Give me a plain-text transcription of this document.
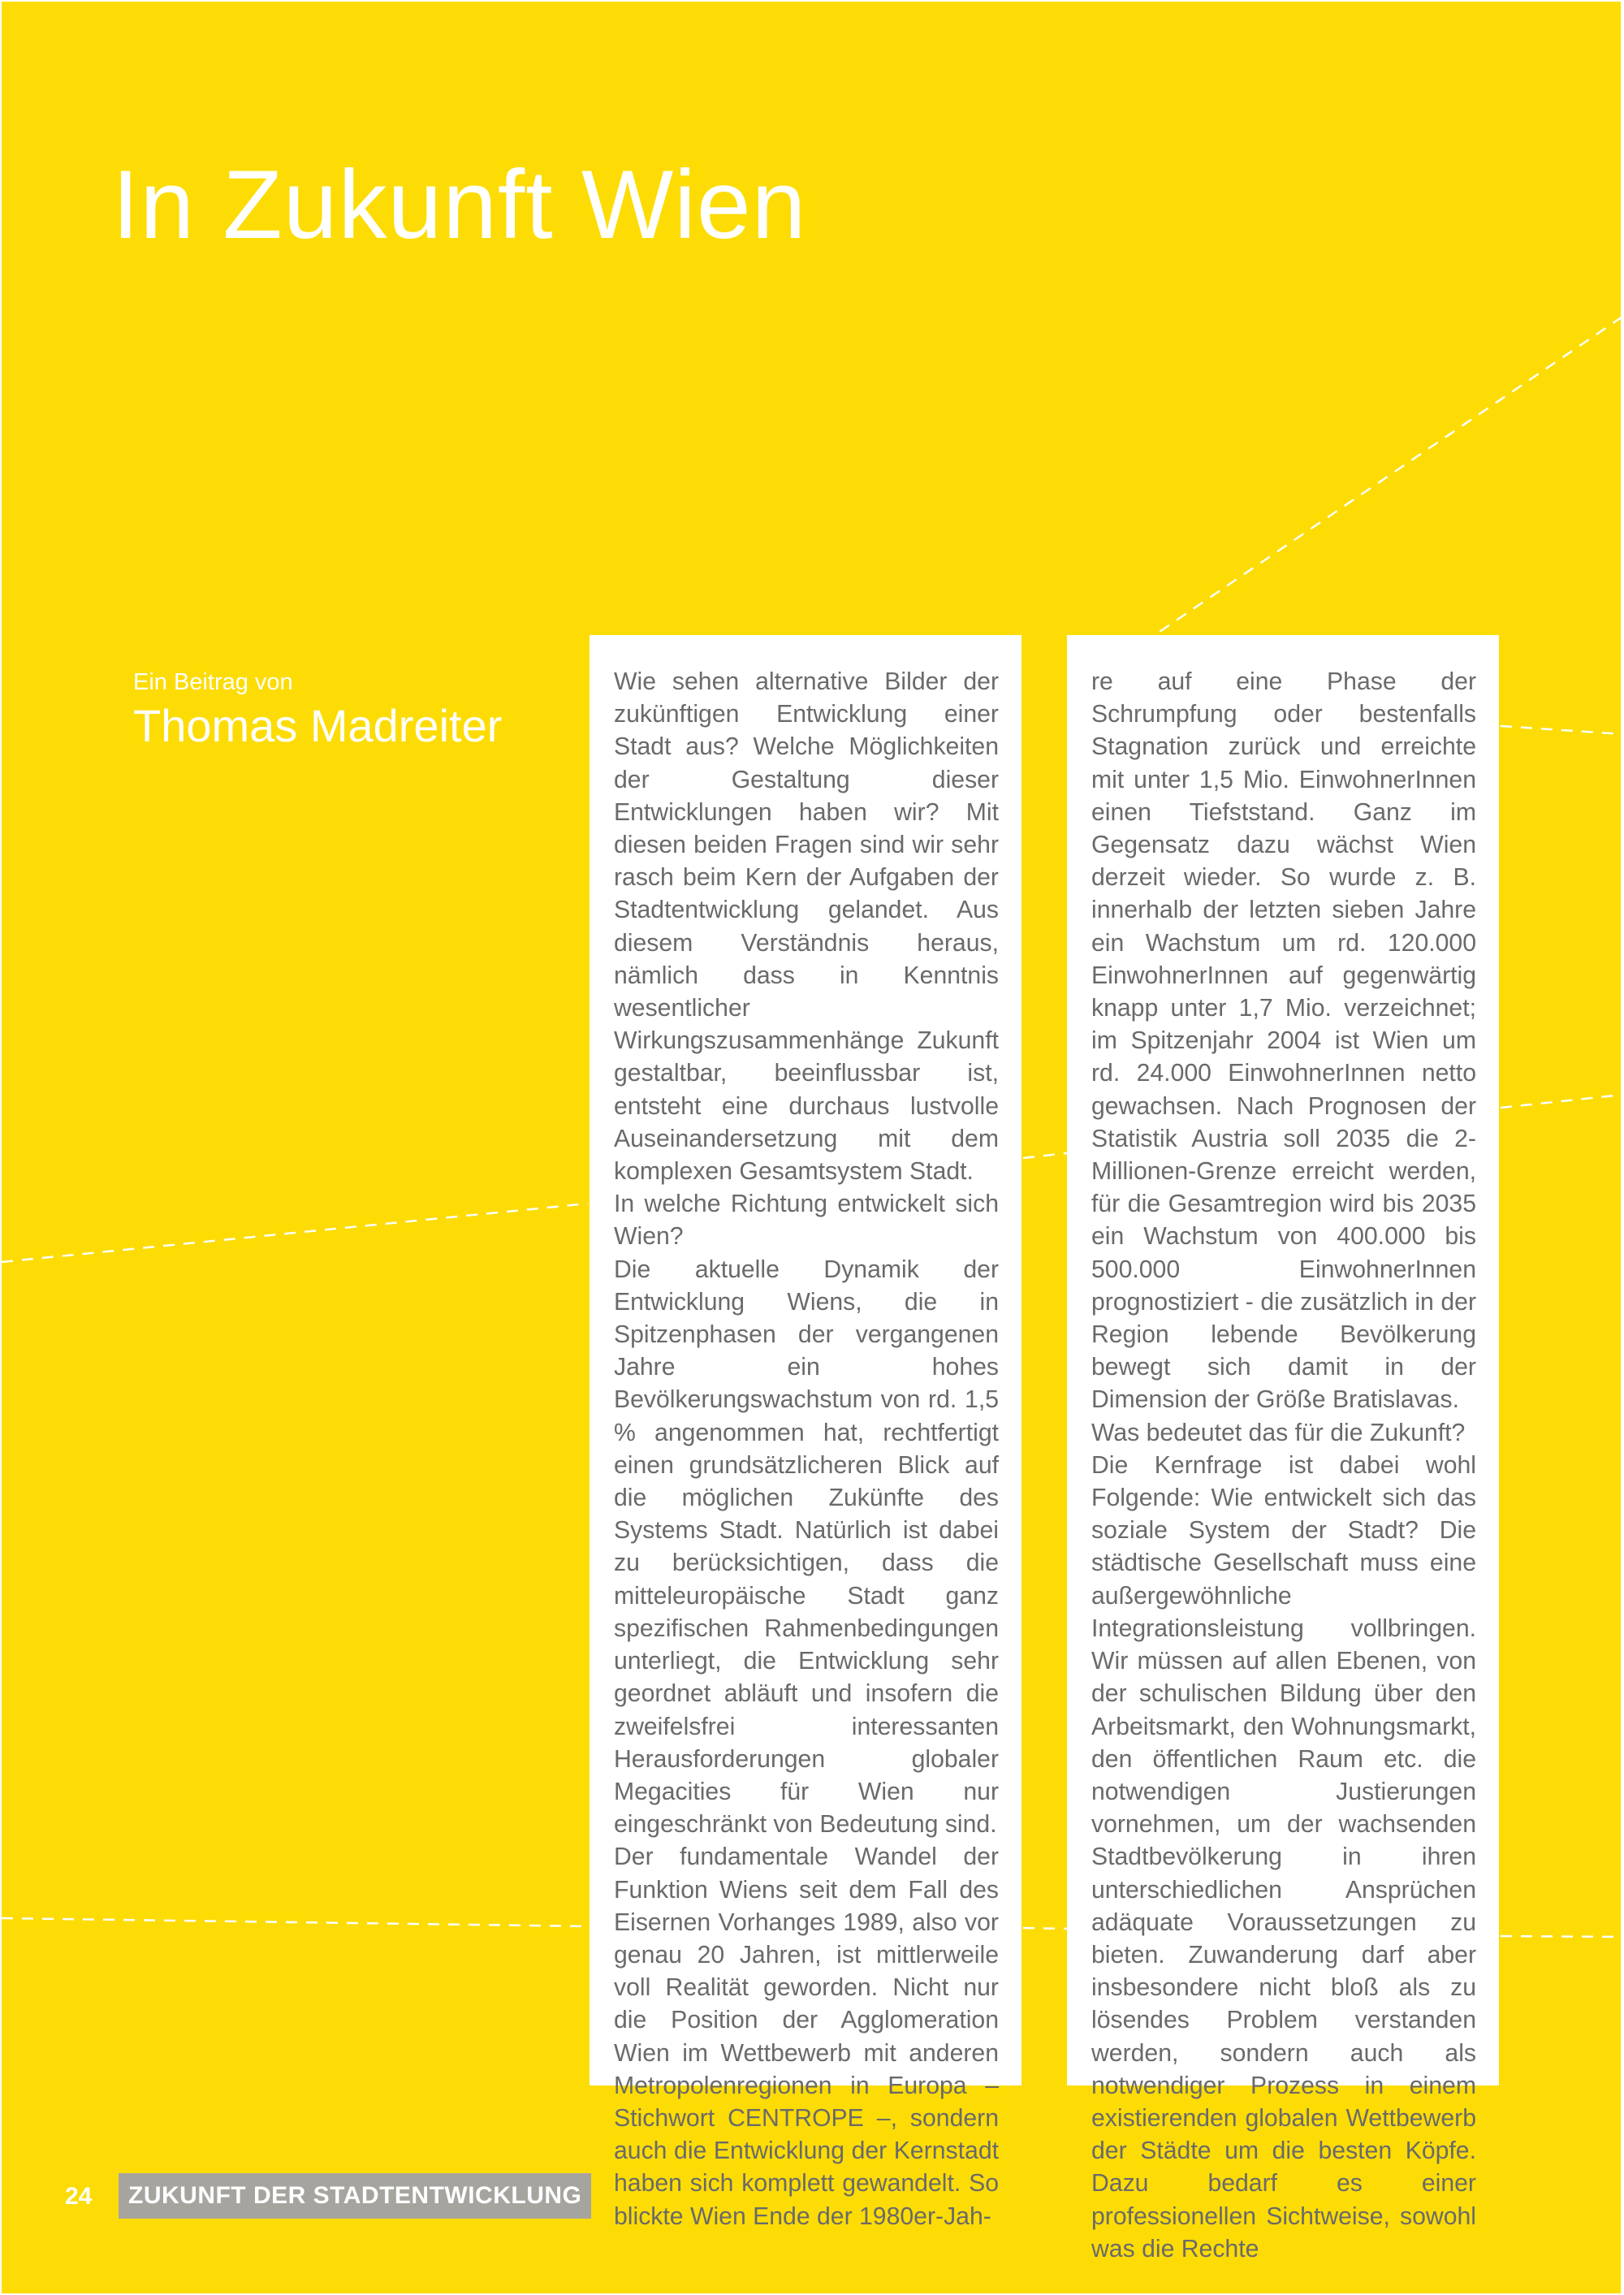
In Zukunft Wien
Ein Beitrag von
Thomas Madreiter

Wie sehen alternative Bilder der zukünftigen Entwicklung einer Stadt aus? Welche Möglichkeiten der Gestaltung dieser Entwicklungen haben wir? Mit diesen beiden Fragen sind wir sehr rasch beim Kern der Aufgaben der Stadtentwicklung gelandet. Aus diesem Verständnis heraus, nämlich dass in Kenntnis wesentlicher Wirkungszusammenhänge Zukunft gestaltbar, beeinflussbar ist, entsteht eine durchaus lustvolle Auseinandersetzung mit dem komplexen Gesamtsystem Stadt.

In welche Richtung entwickelt sich Wien?

Die aktuelle Dynamik der Entwicklung Wiens, die in Spitzenphasen der vergangenen Jahre ein hohes Bevölkerungswachstum von rd. 1,5 % angenommen hat, rechtfertigt einen grundsätzlicheren Blick auf die möglichen Zukünfte des Systems Stadt. Natürlich ist dabei zu berücksichtigen, dass die mitteleuropäische Stadt ganz spezifischen Rahmenbedingungen unterliegt, die Entwicklung sehr geordnet abläuft und insofern die zweifelsfrei interessanten Herausforderungen globaler Megacities für Wien nur eingeschränkt von Bedeutung sind.

Der fundamentale Wandel der Funktion Wiens seit dem Fall des Eisernen Vorhanges 1989, also vor genau 20 Jahren, ist mittlerweile voll Realität geworden. Nicht nur die Position der Agglomeration Wien im Wettbewerb mit anderen Metropolenregionen in Europa – Stichwort CENTROPE –, sondern auch die Entwicklung der Kernstadt haben sich komplett gewandelt. So blickte Wien Ende der 1980er-Jah-

re auf eine Phase der Schrumpfung oder bestenfalls Stagnation zurück und erreichte mit unter 1,5 Mio. EinwohnerInnen einen Tiefststand. Ganz im Gegensatz dazu wächst Wien derzeit wieder. So wurde z. B. innerhalb der letzten sieben Jahre ein Wachstum um rd. 120.000 EinwohnerInnen auf gegenwärtig knapp unter 1,7 Mio. verzeichnet; im Spitzenjahr 2004 ist Wien um rd. 24.000 EinwohnerInnen netto gewachsen. Nach Prognosen der Statistik Austria soll 2035 die 2-Millionen-Grenze erreicht werden, für die Gesamtregion wird bis 2035 ein Wachstum von 400.000 bis 500.000 EinwohnerInnen prognostiziert - die zusätzlich in der Region lebende Bevölkerung bewegt sich damit in der Dimension der Größe Bratislavas.

Was bedeutet das für die Zukunft?

Die Kernfrage ist dabei wohl Folgende: Wie entwickelt sich das soziale System der Stadt? Die städtische Gesellschaft muss eine außergewöhnliche Integrationsleistung vollbringen. Wir müssen auf allen Ebenen, von der schulischen Bildung über den Arbeitsmarkt, den Wohnungsmarkt, den öffentlichen Raum etc. die notwendigen Justierungen vornehmen, um der wachsenden Stadtbevölkerung in ihren unterschiedlichen Ansprüchen adäquate Voraussetzungen zu bieten. Zuwanderung darf aber insbesondere nicht bloß als zu lösendes Problem verstanden werden, sondern auch als notwendiger Prozess in einem existierenden globalen Wettbewerb der Städte um die besten Köpfe. Dazu bedarf es einer professionellen Sichtweise, sowohl was die Rechte

24	ZUKUNFT DER STADTENTWICKLUNG
